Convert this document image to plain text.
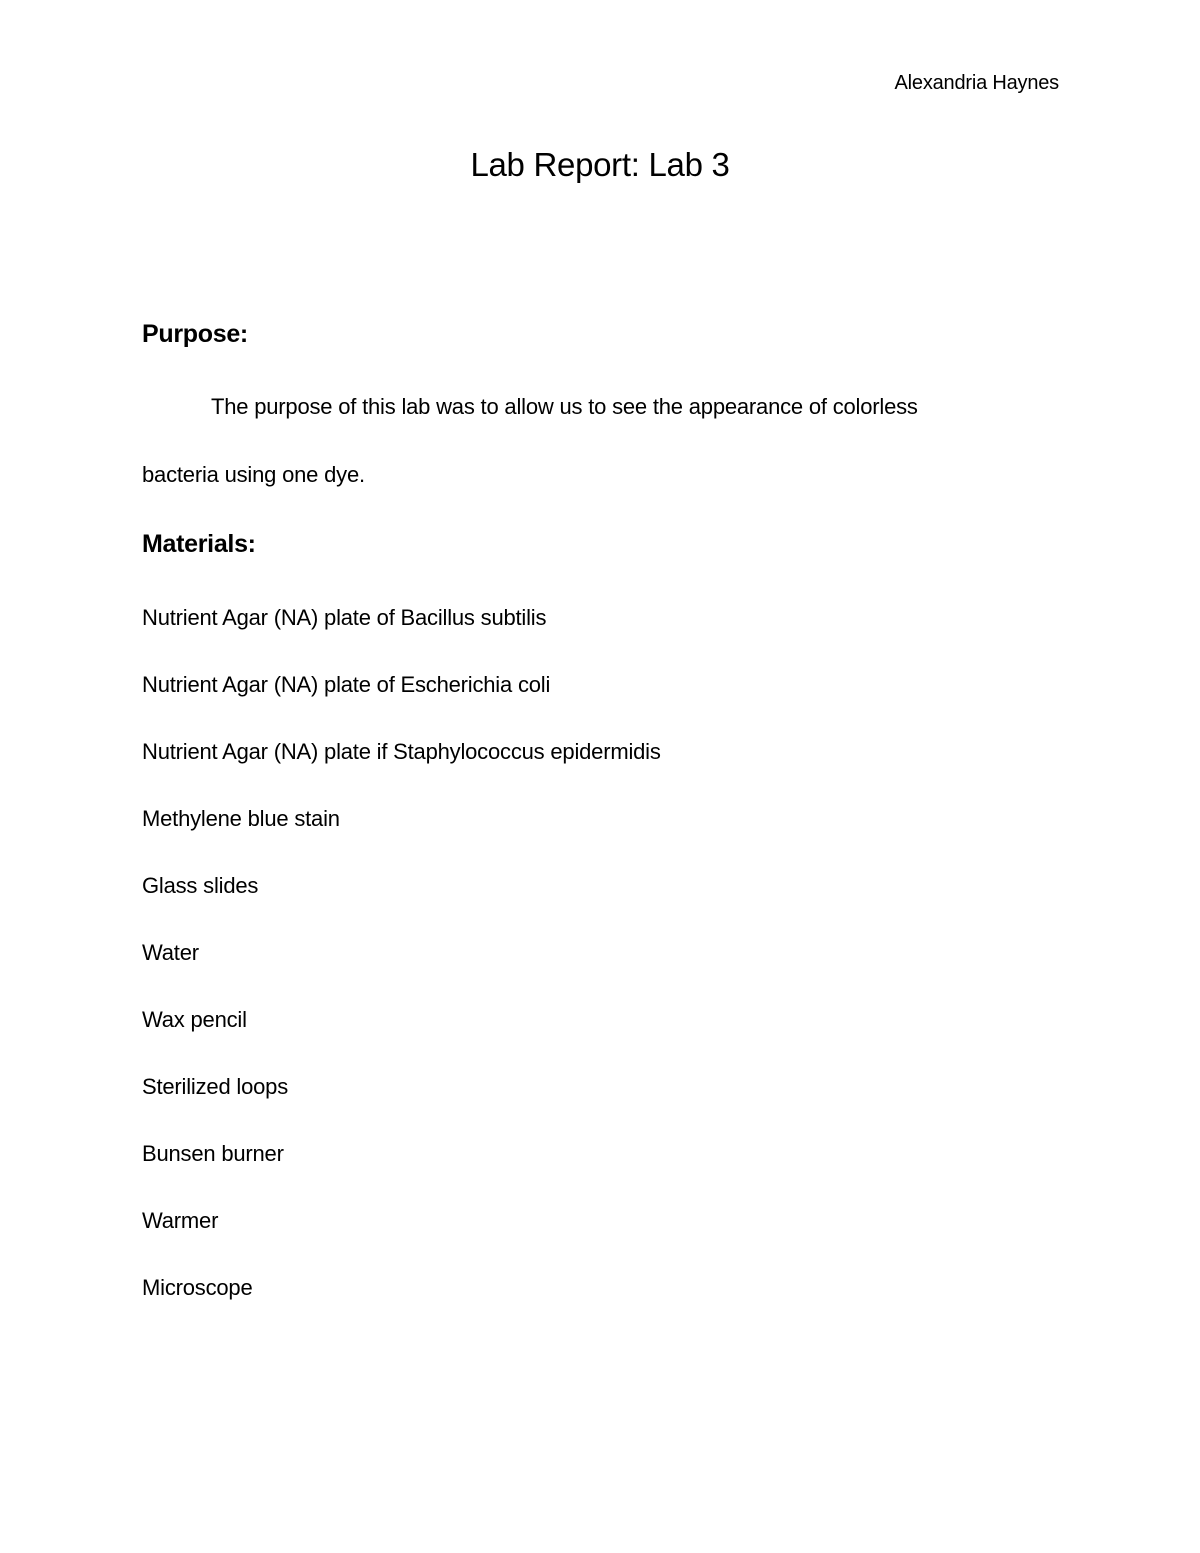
Alexandria Haynes
Lab Report: Lab 3
Purpose:
The purpose of this lab was to allow us to see the appearance of colorless
bacteria using one dye.
Materials:
Nutrient Agar (NA) plate of Bacillus subtilis
Nutrient Agar (NA) plate of Escherichia coli
Nutrient Agar (NA) plate if Staphylococcus epidermidis
Methylene blue stain
Glass slides
Water
Wax pencil
Sterilized loops
Bunsen burner
Warmer
Microscope
